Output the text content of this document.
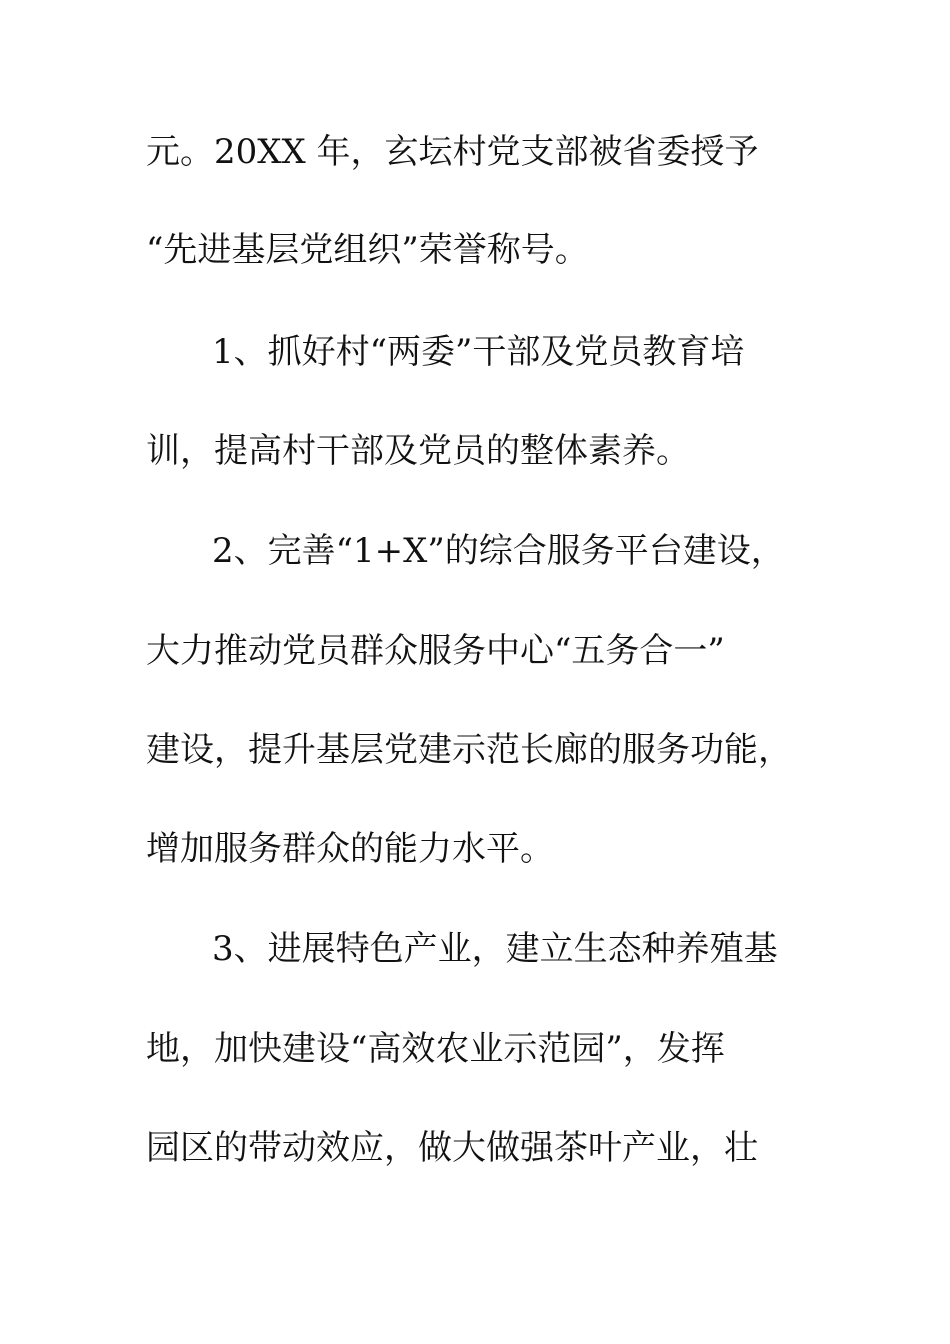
元。20XX 年，玄坛村党支部被省委授予
“先进基层党组织”荣誉称号。
1、抓好村“两委”干部及党员教育培
训，提高村干部及党员的整体素养。
2、完善“1+X”的综合服务平台建设，
大力推动党员群众服务中心“五务合一”
建设，提升基层党建示范长廊的服务功能，
增加服务群众的能力水平。
3、进展特色产业，建立生态种养殖基
地，加快建设“高效农业示范园”，发挥
园区的带动效应，做大做强茶叶产业，壮
